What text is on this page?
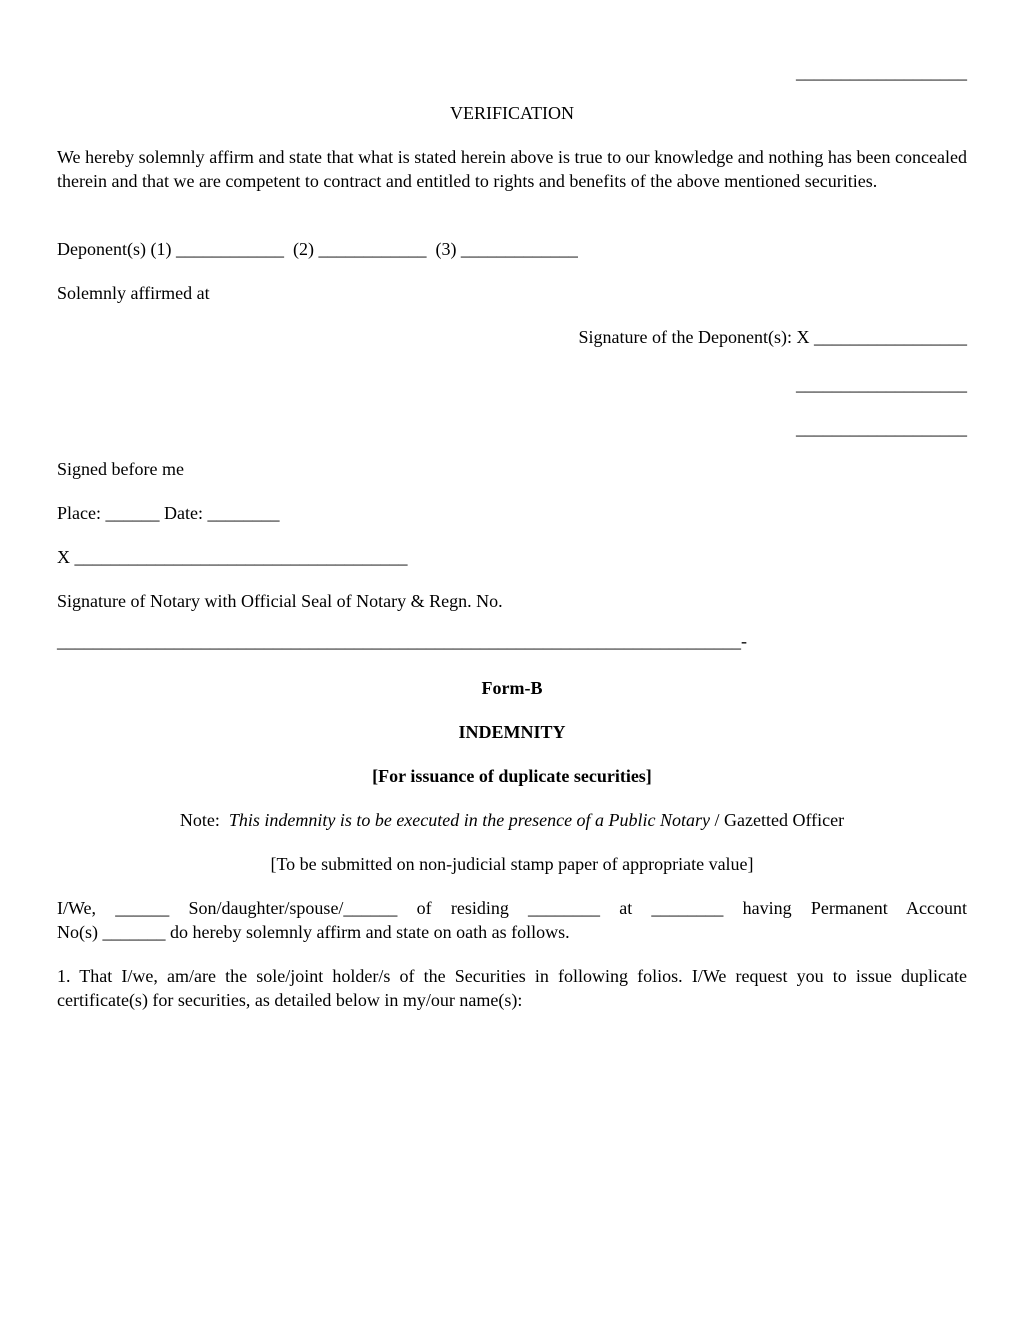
___________________
VERIFICATION
We hereby solemnly affirm and state that what is stated herein above is true to our knowledge and nothing has been concealed therein and that we are competent to contract and entitled to rights and benefits of the above mentioned securities.
Deponent(s) (1) ____________  (2) ____________  (3) _____________
Solemnly affirmed at
Signature of the Deponent(s): X _________________
___________________
___________________
Signed before me
Place: ______ Date: ________
X _____________________________________
Signature of Notary with Official Seal of Notary & Regn. No.
____________________________________________________________________________-
Form-B
INDEMNITY
[For issuance of duplicate securities]
Note:  This indemnity is to be executed in the presence of a Public Notary / Gazetted Officer
[To be submitted on non-judicial stamp paper of appropriate value]
I/We, ______ Son/daughter/spouse/______ of residing ________ at ________ having Permanent Account
No(s) _______ do hereby solemnly affirm and state on oath as follows.
1. That I/we, am/are the sole/joint holder/s of the Securities in following folios. I/We request you to issue duplicate certificate(s) for securities, as detailed below in my/our name(s):
